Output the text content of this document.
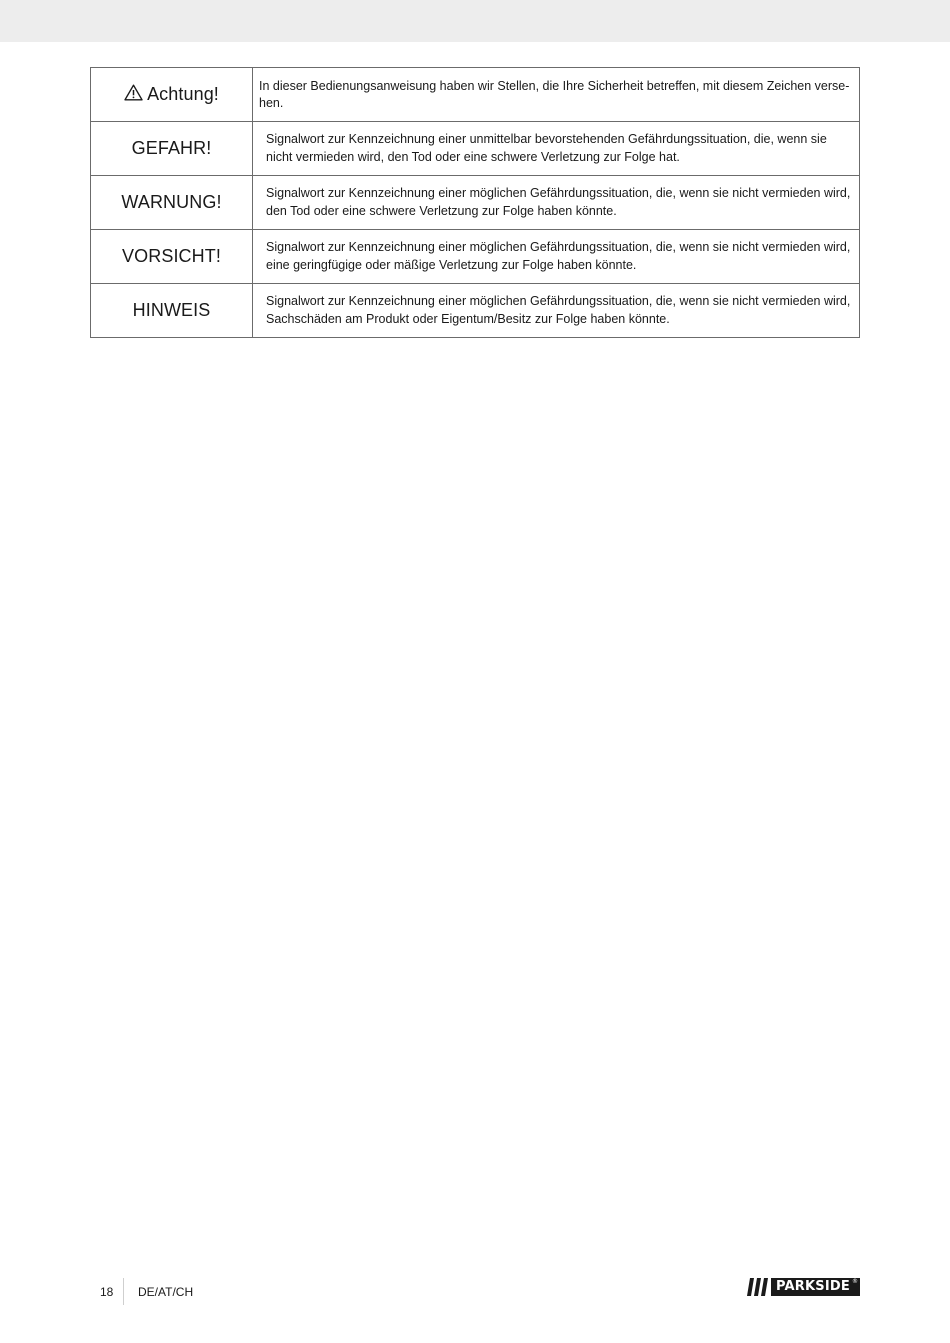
Achtung!	In dieser Bedienungsanweisung haben wir Stellen, die Ihre Sicherheit betreffen, mit diesem Zeichen verse-hen.

GEFAHR!	Signalwort zur Kennzeichnung einer unmittelbar bevorstehenden Gefährdungssituation, die, wenn sie nicht vermieden wird, den Tod oder eine schwere Verletzung zur Folge hat.
WARNUNG!	Signalwort zur Kennzeichnung einer möglichen Gefährdungssituation, die, wenn sie nicht vermieden wird, den Tod oder eine schwere Verletzung zur Folge haben könnte.
VORSICHT!	Signalwort zur Kennzeichnung einer möglichen Gefährdungssituation, die, wenn sie nicht vermieden wird, eine geringfügige oder mäßige Verletzung zur Folge haben könnte.
HINWEIS	Signalwort zur Kennzeichnung einer möglichen Gefährdungssituation, die, wenn sie nicht vermieden wird, Sachschäden am Produkt oder Eigentum/Besitz zur Folge haben könnte.
18 DE/AT/CH	PARKSIDE ®
